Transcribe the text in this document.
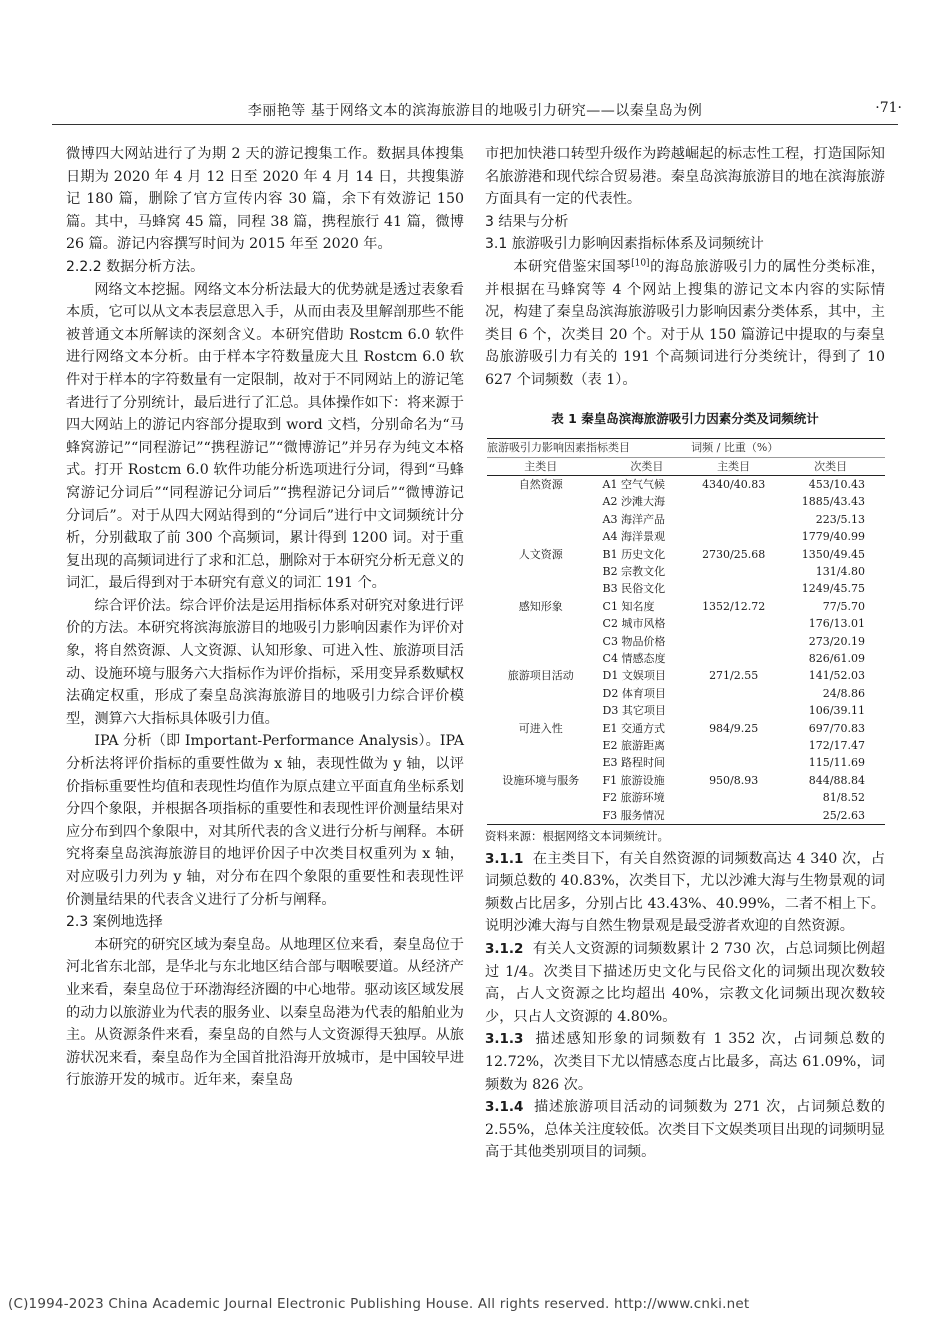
李丽艳等 基于网络文本的滨海旅游目的地吸引力研究——以秦皇岛为例	·71·

微博四大网站进行了为期 2 天的游记搜集工作。数据具体搜集日期为 2020 年 4 月 12 日至 2020 年 4 月 14 日，共搜集游记 180 篇，删除了官方宣传内容 30 篇，余下有效游记 150 篇。其中，马蜂窝 45 篇，同程 38 篇，携程旅行 41 篇，微博 26 篇。游记内容撰写时间为 2015 年至 2020 年。

2.2.2 数据分析方法。

网络文本挖掘。网络文本分析法最大的优势就是透过表象看本质，它可以从文本表层意思入手，从而由表及里解剖那些不能被普通文本所解读的深刻含义。本研究借助 Rostcm 6.0 软件进行网络文本分析。由于样本字符数量庞大且 Rostcm 6.0 软件对于样本的字符数量有一定限制，故对于不同网站上的游记笔者进行了分别统计，最后进行了汇总。具体操作如下：将来源于四大网站上的游记内容部分提取到 word 文档，分别命名为“马蜂窝游记”“同程游记”“携程游记”“微博游记”并另存为纯文本格式。打开 Rostcm 6.0 软件功能分析选项进行分词，得到“马蜂窝游记分词后”“同程游记分词后”“携程游记分词后”“微博游记分词后”。对于从四大网站得到的“分词后”进行中文词频统计分析，分别截取了前 300 个高频词，累计得到 1200 词。对于重复出现的高频词进行了求和汇总，删除对于本研究分析无意义的词汇，最后得到对于本研究有意义的词汇 191 个。

综合评价法。综合评价法是运用指标体系对研究对象进行评价的方法。本研究将滨海旅游目的地吸引力影响因素作为评价对象，将自然资源、人文资源、认知形象、可进入性、旅游项目活动、设施环境与服务六大指标作为评价指标，采用变异系数赋权法确定权重，形成了秦皇岛滨海旅游目的地吸引力综合评价模型，测算六大指标具体吸引力值。

IPA 分析（即 Important-Performance Analysis）。IPA 分析法将评价指标的重要性做为 x 轴，表现性做为 y 轴，以评价指标重要性均值和表现性均值作为原点建立平面直角坐标系划分四个象限，并根据各项指标的重要性和表现性评价测量结果对应分布到四个象限中，对其所代表的含义进行分析与阐释。本研究将秦皇岛滨海旅游目的地评价因子中次类目权重列为 x 轴，对应吸引力列为 y 轴，对分布在四个象限的重要性和表现性评价测量结果的代表含义进行了分析与阐释。

2.3 案例地选择

本研究的研究区域为秦皇岛。从地理区位来看，秦皇岛位于河北省东北部，是华北与东北地区结合部与咽喉要道。从经济产业来看，秦皇岛位于环渤海经济圈的中心地带。驱动该区域发展的动力以旅游业为代表的服务业、以秦皇岛港为代表的船舶业为主。从资源条件来看，秦皇岛的自然与人文资源得天独厚。从旅游状况来看，秦皇岛作为全国首批沿海开放城市，是中国较早进行旅游开发的城市。近年来，秦皇岛

市把加快港口转型升级作为跨越崛起的标志性工程，打造国际知名旅游港和现代综合贸易港。秦皇岛滨海旅游目的地在滨海旅游方面具有一定的代表性。

3 结果与分析

3.1 旅游吸引力影响因素指标体系及词频统计

本研究借鉴宋国琴[10]的海岛旅游吸引力的属性分类标准，并根据在马蜂窝等 4 个网站上搜集的游记文本内容的实际情况，构建了秦皇岛滨海旅游吸引力影响因素分类体系，其中，主类目 6 个，次类目 20 个。对于从 150 篇游记中提取的与秦皇岛旅游吸引力有关的 191 个高频词进行分类统计，得到了 10 627 个词频数（表 1）。

表 1 秦皇岛滨海旅游吸引力因素分类及词频统计
旅游吸引力影响因素指标类目		词频 / 比重（%）	
主类目	次类目	主类目	次类目
自然资源	A1 空气气候	4340/40.83	453/10.43
	A2 沙滩大海		1885/43.43
	A3 海洋产品		223/5.13
	A4 海洋景观		1779/40.99
人文资源	B1 历史文化	2730/25.68	1350/49.45
	B2 宗教文化		131/4.80
	B3 民俗文化		1249/45.75
感知形象	C1 知名度	1352/12.72	77/5.70
	C2 城市风格		176/13.01
	C3 物品价格		273/20.19
	C4 情感态度		826/61.09
旅游项目活动	D1 文娱项目	271/2.55	141/52.03
	D2 体育项目		24/8.86
	D3 其它项目		106/39.11
可进入性	E1 交通方式	984/9.25	697/70.83
	E2 旅游距离		172/17.47
	E3 路程时间		115/11.69
设施环境与服务	F1 旅游设施	950/8.93	844/88.84
	F2 旅游环境		81/8.52
	F3 服务情况		25/2.63

资料来源：根据网络文本词频统计。

3.1.1 在主类目下，有关自然资源的词频数高达 4 340 次，占词频总数的 40.83%，次类目下，尤以沙滩大海与生物景观的词频数占比居多，分别占比 43.43%、40.99%，二者不相上下。说明沙滩大海与自然生物景观是最受游者欢迎的自然资源。

3.1.2 有关人文资源的词频数累计 2 730 次，占总词频比例超过 1/4。次类目下描述历史文化与民俗文化的词频出现次数较高，占人文资源之比均超出 40%，宗教文化词频出现次数较少，只占人文资源的 4.80%。

3.1.3 描述感知形象的词频数有 1 352 次，占词频总数的 12.72%，次类目下尤以情感态度占比最多，高达 61.09%，词频数为 826 次。

3.1.4 描述旅游项目活动的词频数为 271 次，占词频总数的 2.55%，总体关注度较低。次类目下文娱类项目出现的词频明显高于其他类别项目的词频。

(C)1994-2023 China Academic Journal Electronic Publishing House. All rights reserved. http://www.cnki.net
